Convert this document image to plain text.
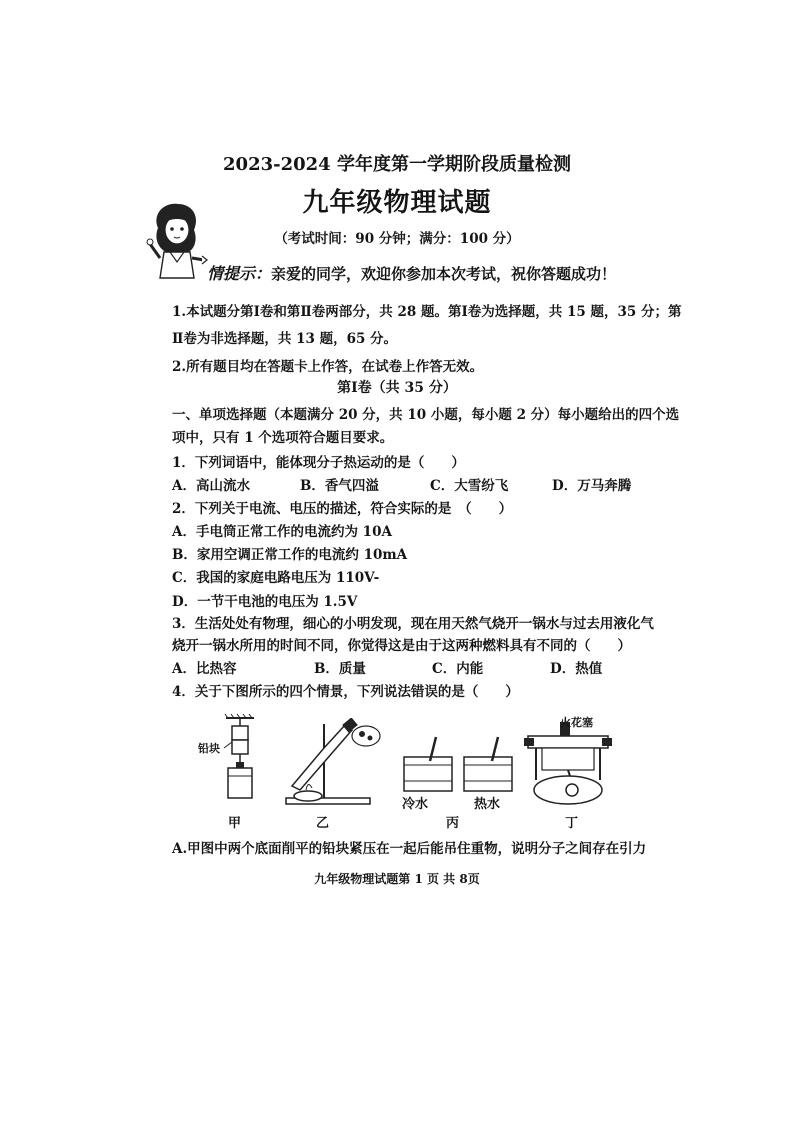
2023-2024 学年度第一学期阶段质量检测
九年级物理试题
（考试时间：90 分钟；满分：100 分）
情提示：亲爱的同学，欢迎你参加本次考试，祝你答题成功！
1.本试题分第Ⅰ卷和第Ⅱ卷两部分，共 28 题。第Ⅰ卷为选择题，共 15 题，35 分；第
Ⅱ卷为非选择题，共 13 题，65 分。
2.所有题目均在答题卡上作答，在试卷上作答无效。
第Ⅰ卷（共 35 分）
一、单项选择题（本题满分 20 分，共 10 小题，每小题 2 分）每小题给出的四个选
项中，只有 1 个选项符合题目要求。
1．下列词语中，能体现分子热运动的是（　　）
A．高山流水	B．香气四溢	C．大雪纷飞	D．万马奔腾
2．下列关于电流、电压的描述，符合实际的是　（　　）
A．手电筒正常工作的电流约为 10A
B．家用空调正常工作的电流约 10mA
C．我国的家庭电路电压为 110V-
D．一节干电池的电压为 1.5V
3．生活处处有物理，细心的小明发现，现在用天然气烧开一锅水与过去用液化气
烧开一锅水所用的时间不同，你觉得这是由于这两种燃料具有不同的（　　）
A．比热容	B．质量	C．内能	D．热值
4．关于下图所示的四个情景，下列说法错误的是（　　）
铅块
冷水	热水
火花塞
甲	乙	丙	丁
A.甲图中两个底面削平的铅块紧压在一起后能吊住重物，说明分子之间存在引力
九年级物理试题第 1 页 共 8页
